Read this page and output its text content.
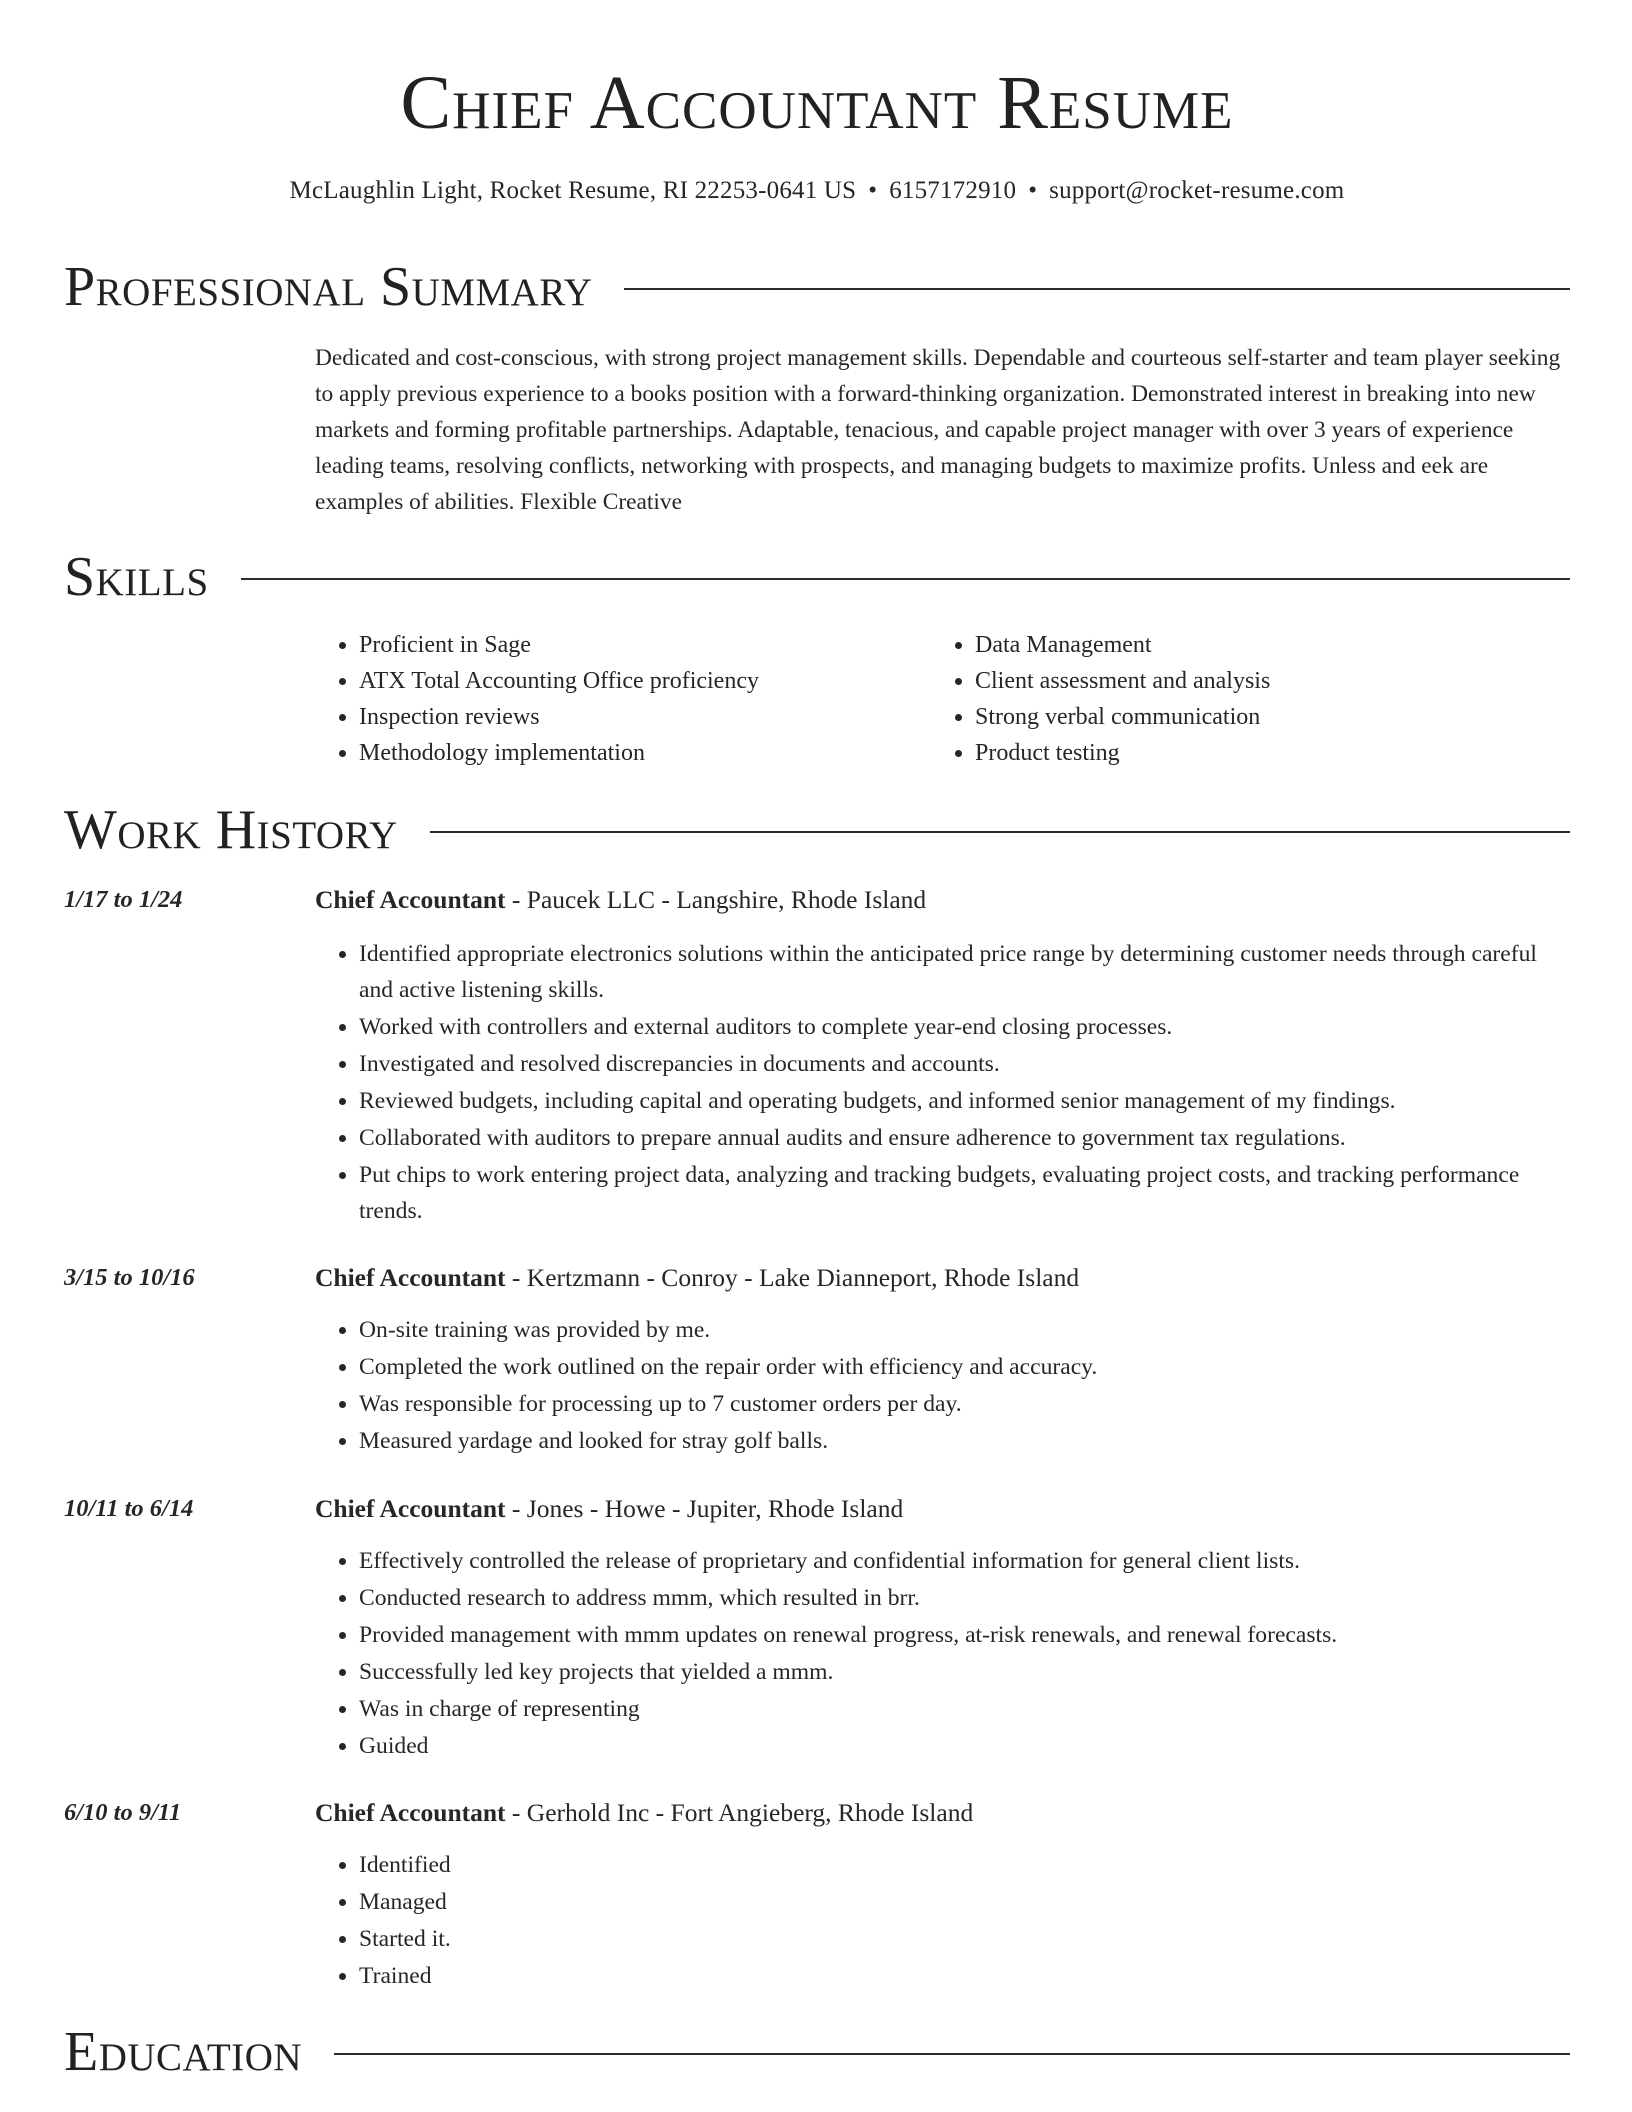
Chief Accountant Resume
McLaughlin Light, Rocket Resume, RI 22253-0641 US • 6157172910 • support@rocket-resume.com
Professional Summary

Dedicated and cost-conscious, with strong project management skills. Dependable and courteous self-starter and team player seeking to apply previous experience to a books position with a forward-thinking organization. Demonstrated interest in breaking into new markets and forming profitable partnerships. Adaptable, tenacious, and capable project manager with over 3 years of experience leading teams, resolving conflicts, networking with prospects, and managing budgets to maximize profits. Unless and eek are examples of abilities. Flexible Creative

Skills
• Proficient in Sage
• ATX Total Accounting Office proficiency
• Inspection reviews
• Methodology implementation
• Data Management
• Client assessment and analysis
• Strong verbal communication
• Product testing
Work History
1/17 to 1/24	Chief Accountant - Paucek LLC - Langshire, Rhode Island
• Identified appropriate electronics solutions within the anticipated price range by determining customer needs through careful and active listening skills.
• Worked with controllers and external auditors to complete year-end closing processes.
• Investigated and resolved discrepancies in documents and accounts.
• Reviewed budgets, including capital and operating budgets, and informed senior management of my findings.
• Collaborated with auditors to prepare annual audits and ensure adherence to government tax regulations.
• Put chips to work entering project data, analyzing and tracking budgets, evaluating project costs, and tracking performance trends.
3/15 to 10/16	Chief Accountant - Kertzmann - Conroy - Lake Dianneport, Rhode Island
• On-site training was provided by me.
• Completed the work outlined on the repair order with efficiency and accuracy.
• Was responsible for processing up to 7 customer orders per day.
• Measured yardage and looked for stray golf balls.
10/11 to 6/14	Chief Accountant - Jones - Howe - Jupiter, Rhode Island
• Effectively controlled the release of proprietary and confidential information for general client lists.
• Conducted research to address mmm, which resulted in brr.
• Provided management with mmm updates on renewal progress, at-risk renewals, and renewal forecasts.
• Successfully led key projects that yielded a mmm.
• Was in charge of representing
• Guided
6/10 to 9/11	Chief Accountant - Gerhold Inc - Fort Angieberg, Rhode Island
• Identified
• Managed
• Started it.
• Trained
Education
